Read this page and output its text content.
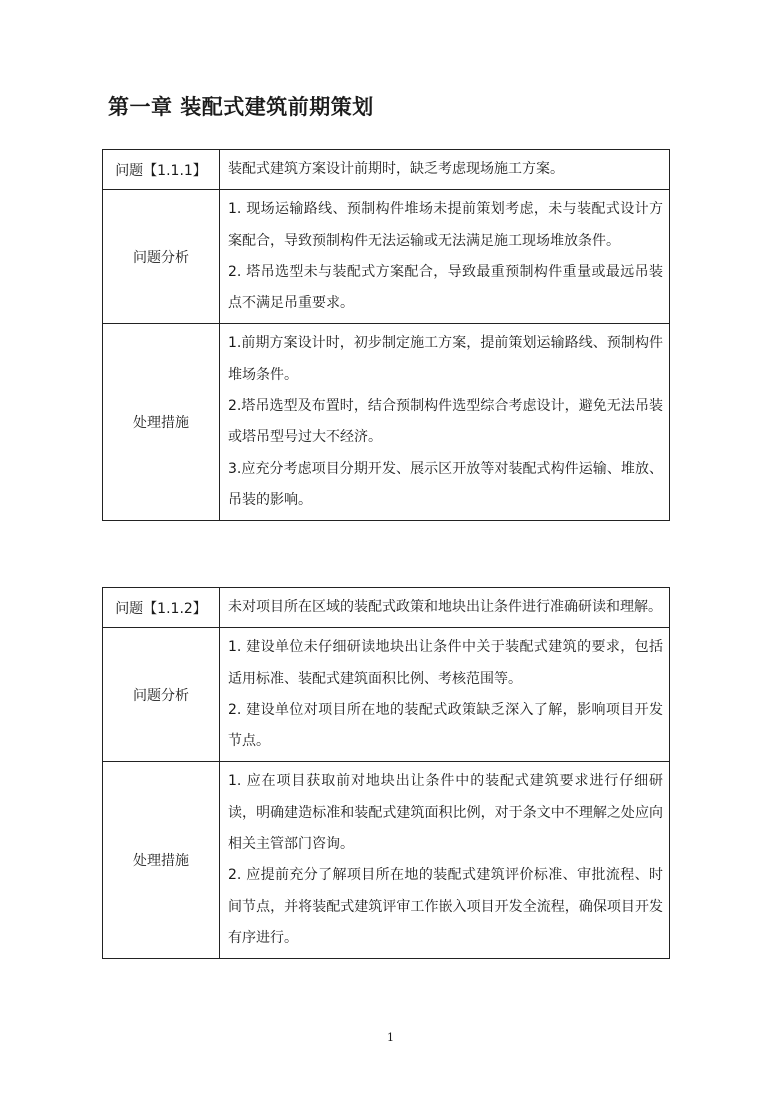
第一章 装配式建筑前期策划
问题【1.1.1】	装配式建筑方案设计前期时，缺乏考虑现场施工方案。
问题分析	1. 现场运输路线、预制构件堆场未提前策划考虑，未与装配式设计方案配合，导致预制构件无法运输或无法满足施工现场堆放条件。

2. 塔吊选型未与装配式方案配合，导致最重预制构件重量或最远吊装点不满足吊重要求。

处理措施	1.前期方案设计时，初步制定施工方案，提前策划运输路线、预制构件堆场条件。

2.塔吊选型及布置时，结合预制构件选型综合考虑设计，避免无法吊装或塔吊型号过大不经济。

3.应充分考虑项目分期开发、展示区开放等对装配式构件运输、堆放、吊装的影响。

问题【1.1.2】	未对项目所在区域的装配式政策和地块出让条件进行准确研读和理解。
问题分析	1. 建设单位未仔细研读地块出让条件中关于装配式建筑的要求，包括适用标准、装配式建筑面积比例、考核范围等。

2. 建设单位对项目所在地的装配式政策缺乏深入了解，影响项目开发节点。

处理措施	1. 应在项目获取前对地块出让条件中的装配式建筑要求进行仔细研读，明确建造标准和装配式建筑面积比例，对于条文中不理解之处应向相关主管部门咨询。

2. 应提前充分了解项目所在地的装配式建筑评价标准、审批流程、时间节点，并将装配式建筑评审工作嵌入项目开发全流程，确保项目开发有序进行。

1
